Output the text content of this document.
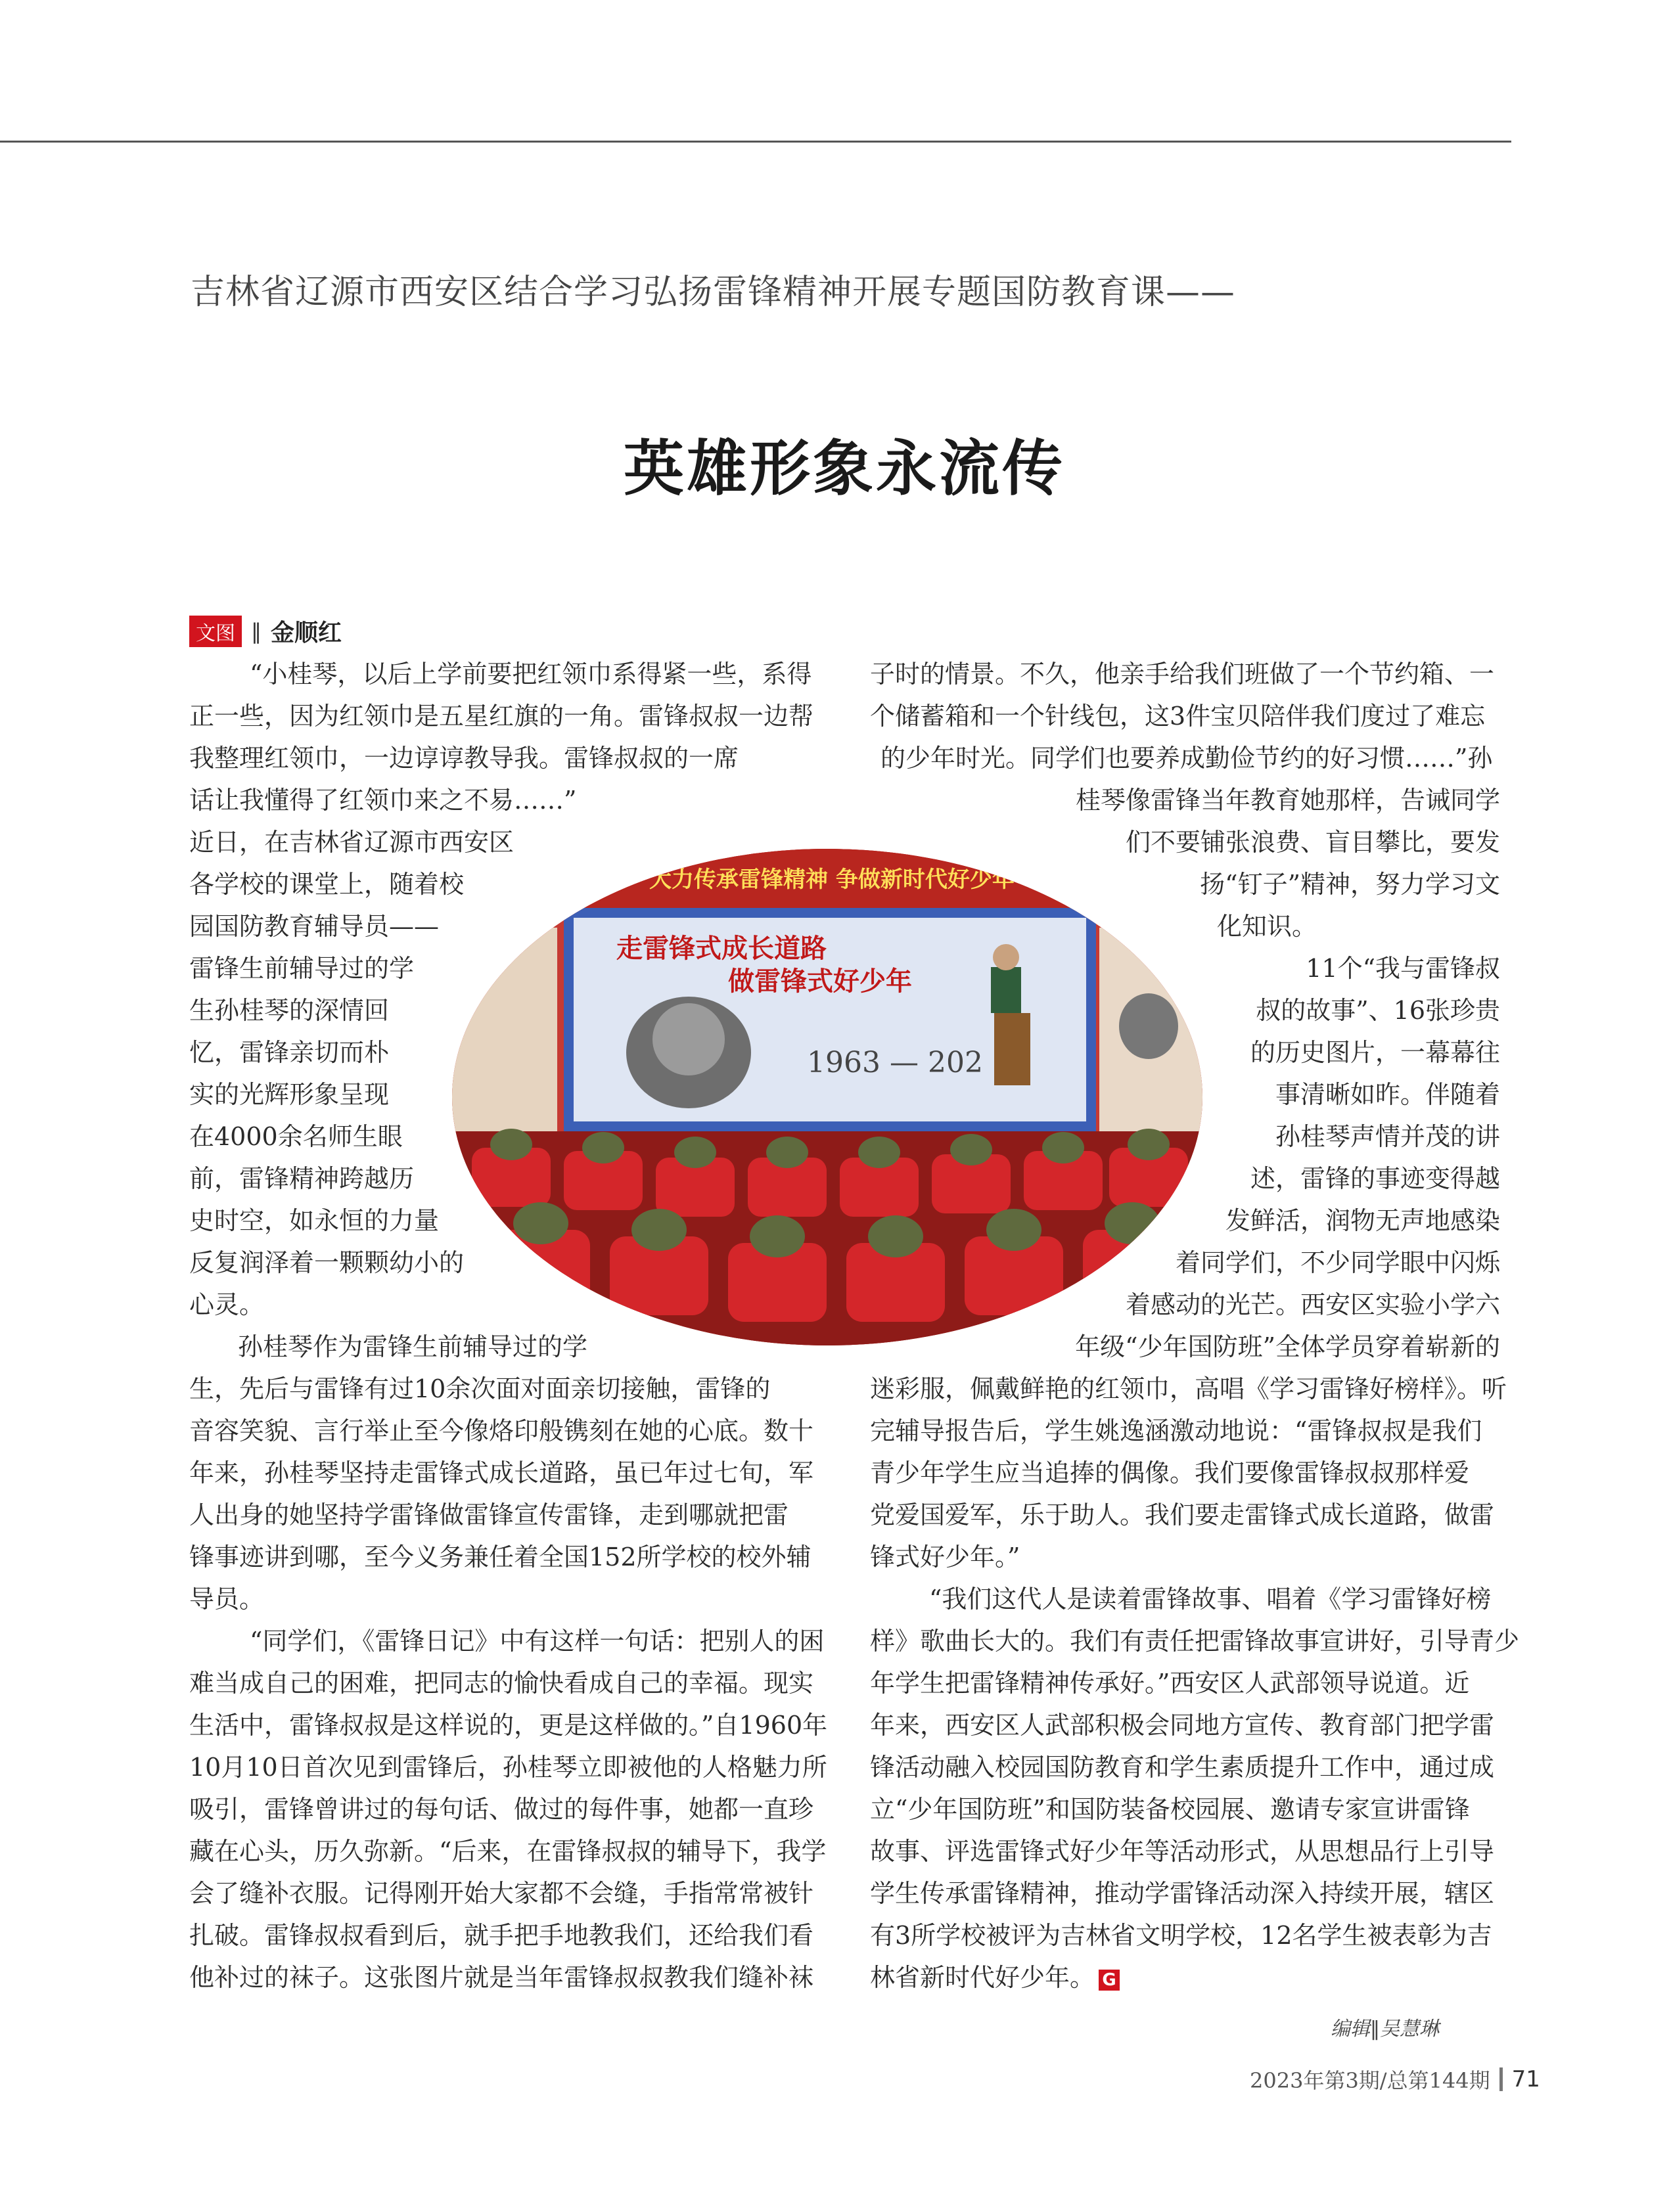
吉林省辽源市西安区结合学习弘扬雷锋精神开展专题国防教育课——
英雄形象永流传
文图 ‖ 金顺红
“小桂琴，以后上学前要把红领巾系得紧一些，系得
正一些，因为红领巾是五星红旗的一角。雷锋叔叔一边帮
我整理红领巾，一边谆谆教导我。雷锋叔叔的一席
话让我懂得了红领巾来之不易……”
近日，在吉林省辽源市西安区
各学校的课堂上，随着校
园国防教育辅导员——
雷锋生前辅导过的学
生孙桂琴的深情回
忆，雷锋亲切而朴
实的光辉形象呈现
在4000余名师生眼
前，雷锋精神跨越历
史时空，如永恒的力量
反复润泽着一颗颗幼小的
心灵。
孙桂琴作为雷锋生前辅导过的学
生，先后与雷锋有过10余次面对面亲切接触，雷锋的
音容笑貌、言行举止至今像烙印般镌刻在她的心底。数十
年来，孙桂琴坚持走雷锋式成长道路，虽已年过七旬，军
人出身的她坚持学雷锋做雷锋宣传雷锋，走到哪就把雷
锋事迹讲到哪，至今义务兼任着全国152所学校的校外辅
导员。
“同学们，《雷锋日记》中有这样一句话：把别人的困
难当成自己的困难，把同志的愉快看成自己的幸福。现实
生活中，雷锋叔叔是这样说的，更是这样做的。”自1960年
10月10日首次见到雷锋后，孙桂琴立即被他的人格魅力所
吸引，雷锋曾讲过的每句话、做过的每件事，她都一直珍
藏在心头，历久弥新。“后来，在雷锋叔叔的辅导下，我学
会了缝补衣服。记得刚开始大家都不会缝，手指常常被针
扎破。雷锋叔叔看到后，就手把手地教我们，还给我们看
他补过的袜子。这张图片就是当年雷锋叔叔教我们缝补袜
子时的情景。不久，他亲手给我们班做了一个节约箱、一
个储蓄箱和一个针线包，这3件宝贝陪伴我们度过了难忘
的少年时光。同学们也要养成勤俭节约的好习惯……”孙
桂琴像雷锋当年教育她那样，告诫同学
们不要铺张浪费、盲目攀比，要发
扬“钉子”精神，努力学习文
化知识。
11个“我与雷锋叔
叔的故事”、16张珍贵
的历史图片，一幕幕往
事清晰如昨。伴随着
孙桂琴声情并茂的讲
述，雷锋的事迹变得越
发鲜活，润物无声地感染
着同学们，不少同学眼中闪烁
着感动的光芒。西安区实验小学六
年级“少年国防班”全体学员穿着崭新的
迷彩服，佩戴鲜艳的红领巾，高唱《学习雷锋好榜样》。听
完辅导报告后，学生姚逸涵激动地说：“雷锋叔叔是我们
青少年学生应当追捧的偶像。我们要像雷锋叔叔那样爱
党爱国爱军，乐于助人。我们要走雷锋式成长道路，做雷
锋式好少年。”
“我们这代人是读着雷锋故事、唱着《学习雷锋好榜
样》歌曲长大的。我们有责任把雷锋故事宣讲好，引导青少
年学生把雷锋精神传承好。”西安区人武部领导说道。近
年来，西安区人武部积极会同地方宣传、教育部门把学雷
锋活动融入校园国防教育和学生素质提升工作中，通过成
立“少年国防班”和国防装备校园展、邀请专家宣讲雷锋
故事、评选雷锋式好少年等活动形式，从思想品行上引导
学生传承雷锋精神，推动学雷锋活动深入持续开展，辖区
有3所学校被评为吉林省文明学校，12名学生被表彰为吉
林省新时代好少年。 G
大力传承雷锋精神 争做新时代好少年
走雷锋式成长道路
做雷锋式好少年
1963 — 202
编辑‖吴慧琳
2023年第3期/总第144期 71
